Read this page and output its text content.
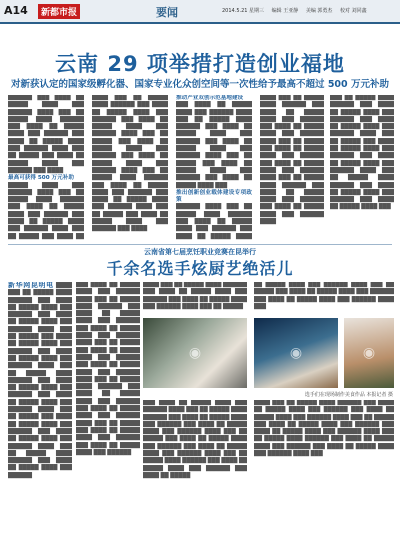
A14	新都市报	要闻	2014.5.21 星期三 编辑 王亚静 美编 郭勇杰 校对 刘同鑫
云南 29 项举措打造创业福地
对新获认定的国家级孵化器、国家专业化众创空间等一次性给予最高不超过 500 万元补助
██████ ███ ████ ██ █████ ████ ███ ██████ ████ ███ ██ █████ ████ ██████ ███ ████ ██ █████ ████ ███ ██████ ███ ████ ██ █████ ████ ███ ██████ ████ ███ ██ █████ ███ ████ ██ █████ ████ ███ ██████ ███ ████
最高可获得 500 万元补助
█████ ████ ███ ██████ ████ ███ ██ █████ ████ ██████ ███ ████ ██ █████ ████ ███ ██████ ███ ████ ██ █████ ████ ███ ██████ ████ ███ ██ █████ ███ ████ ██
████ ███ ██ █████ ████ ██████ ███ ████ ██ █████ ████ ███ ██████ ███ ████ ██ █████ ████ ███ ██████ ████ ███ ██ █████ ███ ████ ██ █████ ████ ███ ██████ ███ ████ ██ █████ ████ ███ ██████ ████ ███ ██ █████ ████ ██████ ███ ████ ██ █████ ████ ███ ██████ ███ ████ ██ █████ ████ ███ ██████ ████ ███ ██ █████ ███ ████ ██ █████ ████ ███ ██████ ███ ████
推动产业双创示范基地建设
███ ████ ██ █████ ████ ███ ██████ ████ ███ ██ █████ ████ ██████ ███ ████ ██ █████ ████ ███ ██████ ███ ████ ██ █████ ████ ███ ██████ ████ ███ ██ █████ ███ ████ ██ █████ ████ ███ ██████ ███ ████ ██ █████ ████ ███
推出创新创业载体建设专项政策
██████ ████ ███ ██ █████ ████ ██████ ███ ████ ██ █████ ████ ███ ██████ ███ ████ ██ █████ ████
████ ███ ██ █████ ████ ██████ ███ ████ ██ █████ ████ ███ ██████ ███ ████ ██ █████ ████ ███ ██████ ████ ███ ██ █████ ███ ████ ██ █████ ████ ███ ██████ ███ ████ ██ █████ ████ ███ ██████ ████ ███ ██ █████ ████ ██████ ███ ████ ██ █████ ████ ███ ██████ ███ ████ ██ █████ ████ ███ ██████ ████
███ ██ █████ ████ ██████ ███ ████ ██ █████ ████ ███ ██████ ███ ████ ██ █████ ████ ███ ██████ ████ ███ ██ █████ ███ ████ ██ █████ ████ ███ ██████ ███ ████ ██ █████ ████ ███ ██████ ████ ███ ██ █████ ████ ██████ ███ ████ ██ █████ ████ ███ ██████ ███ ████ ██ █████ ████ ███
云南省第七届烹饪职业竞赛在昆举行
千余名选手炫厨艺绝活儿
新华网昆明电 ████ ███ ██ █████ ████ ██████ ███ ████ ██ █████ ████ ███ ██████ ███ ████ ██ █████ ████ ███ ██████ ████ ███ ██ █████ ███ ████ ██ █████ ████ ███ ██████ ███ ████ ██ █████ ████ ███ ██████ ████ ███ ██ █████ ████ ██████ ███ ████ ██ █████ ████ ███ ██████ ███ ████ ██ █████ ████ ███ ██████ ████ ███ ██ █████ ███ ████ ██ █████ ████ ███ ██████ ███ ████ ██ █████ ████ ███ ██████ ████ ███ ██ █████ ████ ██████ ███ ████ ██ █████ ████ ███ ██████
███ ████ ██ █████ ████ ███ ██████ ████ ███ ██ █████ ████ ██████ ███ ████ ██ █████ ████ ███ ██████ ███ ████ ██ █████ ████ ███ ██████ ████ ███ ██ █████ ███ ████ ██ █████ ████ ███ ██████ ███ ████ ██ █████ ████ ███ ██████ ████ ███ ██ █████ ████ ██████ ███ ████ ██ █████ ████ ███ ██████ ███ ████ ██ █████ ████ ███ ██████ ████ ███ ██ █████ ███ ████ ██ █████ ████ ███ ██████ ███ ████ ██ █████ ████ ███ ██████
████ ███ ██ █████ ████ ██████ ███ ████ ██ █████ ████ ███ ██████ ███ ████ ██ █████ ████ ███ ██████ ████ ███ ██ █████
██ █████ ████ ███ ██████ ████ ███ ██ █████ ███ ████ ██ █████ ████ ███ ██████ ███ ████ ██ █████ ████ ███ ██████ ████ ███
◉	◉	◉
选手们在现场制作美食作品 本报记者 摄
███ ████ ██ █████ ████ ███ ██████ ████ ███ ██ █████ ████ ██████ ███ ████ ██ █████ ████ ███ ██████ ███ ████ ██ █████ ████ ███ ██████ ████ ███ ██ █████ ███ ████ ██ █████ ████ ███ ██████ ███ ████ ██ █████ ████ ███ ██████ ████ ███ ██ █████ ████ ██████ ███ ████ ██ █████ ████ ███ ██████ ███ ████ ██ █████
████ ███ ██ █████ ████ ██████ ███ ████ ██ █████ ████ ███ ██████ ███ ████ ██ █████ ████ ███ ██████ ████ ███ ██ █████ ███ ████ ██ █████ ████ ███ ██████ ███ ████ ██ █████ ████ ███ ██████ ████ ███ ██ █████ ████ ██████ ███ ████ ██ █████ ████ ███ ██████ ███ ████ ██ █████ ████ ███ ██████ ████ ███
